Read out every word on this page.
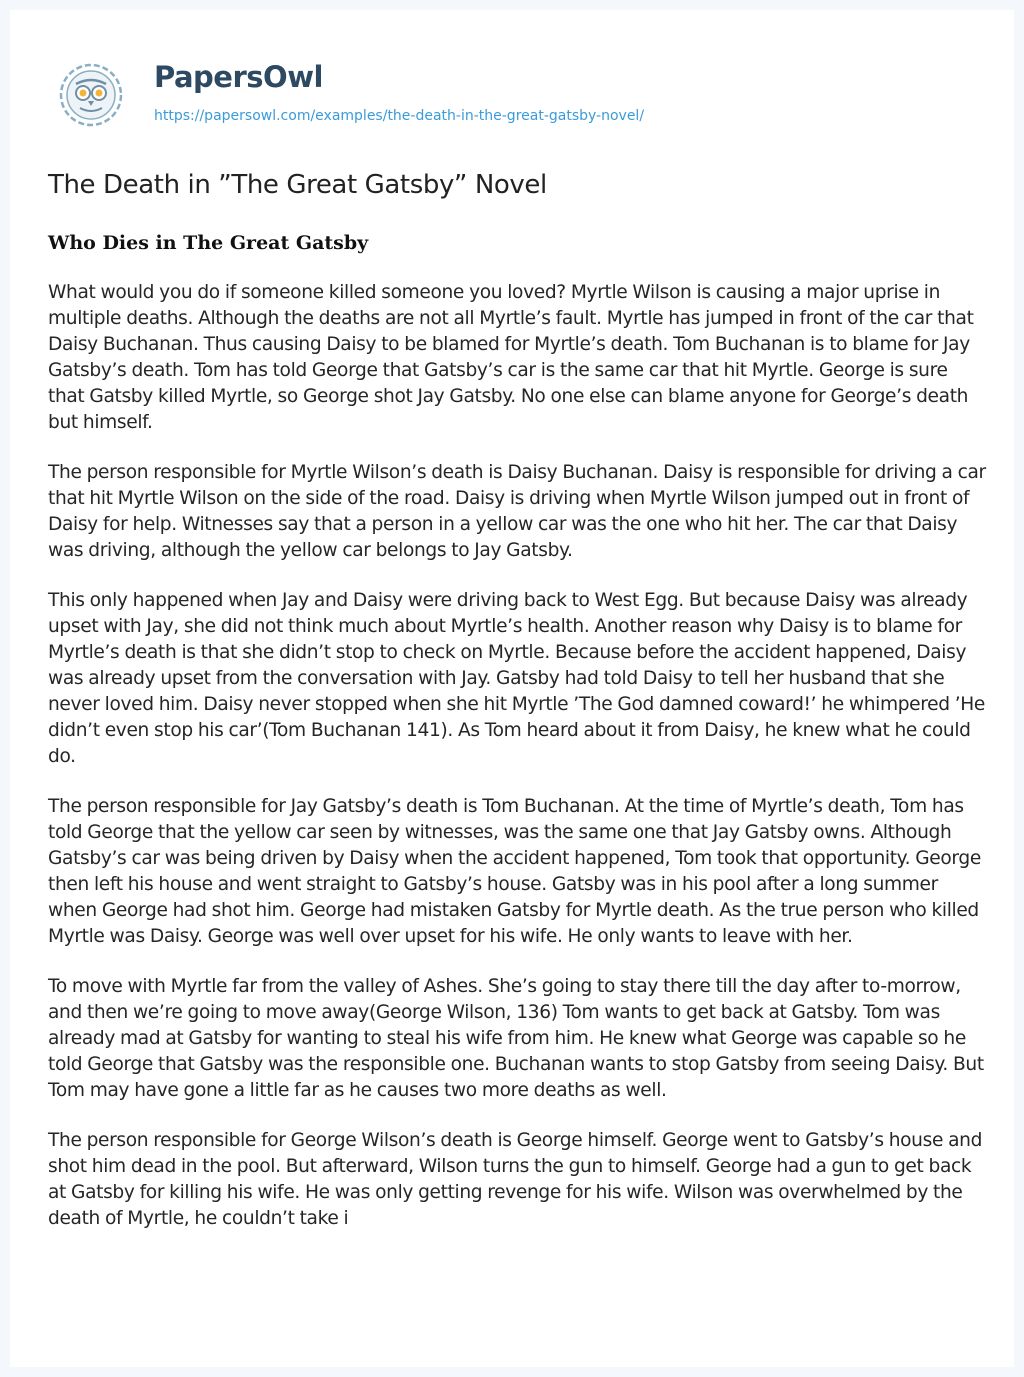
PapersOwl
https://papersowl.com/examples/the-death-in-the-great-gatsby-novel/
The Death in ”The Great Gatsby” Novel
Who Dies in The Great Gatsby

What would you do if someone killed someone you loved? Myrtle Wilson is causing a major uprise in multiple deaths. Although the deaths are not all Myrtle’s fault. Myrtle has jumped in front of the car that Daisy Buchanan. Thus causing Daisy to be blamed for Myrtle’s death. Tom Buchanan is to blame for Jay Gatsby’s death. Tom has told George that Gatsby’s car is the same car that hit Myrtle. George is sure that Gatsby killed Myrtle, so George shot Jay Gatsby. No one else can blame anyone for George’s death but himself.

The person responsible for Myrtle Wilson’s death is Daisy Buchanan. Daisy is responsible for driving a car that hit Myrtle Wilson on the side of the road. Daisy is driving when Myrtle Wilson jumped out in front of Daisy for help. Witnesses say that a person in a yellow car was the one who hit her. The car that Daisy was driving, although the yellow car belongs to Jay Gatsby.

This only happened when Jay and Daisy were driving back to West Egg. But because Daisy was already upset with Jay, she did not think much about Myrtle’s health. Another reason why Daisy is to blame for Myrtle’s death is that she didn’t stop to check on Myrtle. Because before the accident happened, Daisy was already upset from the conversation with Jay. Gatsby had told Daisy to tell her husband that she never loved him. Daisy never stopped when she hit Myrtle ’The God damned coward!’ he whimpered ’He didn’t even stop his car’(Tom Buchanan 141). As Tom heard about it from Daisy, he knew what he could do.

The person responsible for Jay Gatsby’s death is Tom Buchanan. At the time of Myrtle’s death, Tom has told George that the yellow car seen by witnesses, was the same one that Jay Gatsby owns. Although Gatsby’s car was being driven by Daisy when the accident happened, Tom took that opportunity. George then left his house and went straight to Gatsby’s house. Gatsby was in his pool after a long summer when George had shot him. George had mistaken Gatsby for Myrtle death. As the true person who killed Myrtle was Daisy. George was well over upset for his wife. He only wants to leave with her.

To move with Myrtle far from the valley of Ashes. She’s going to stay there till the day after to-morrow, and then we’re going to move away(George Wilson, 136) Tom wants to get back at Gatsby. Tom was already mad at Gatsby for wanting to steal his wife from him. He knew what George was capable so he told George that Gatsby was the responsible one. Buchanan wants to stop Gatsby from seeing Daisy. But Tom may have gone a little far as he causes two more deaths as well.

The person responsible for George Wilson’s death is George himself. George went to Gatsby’s house and shot him dead in the pool. But afterward, Wilson turns the gun to himself. George had a gun to get back at Gatsby for killing his wife. He was only getting revenge for his wife. Wilson was overwhelmed by the death of Myrtle, he couldn’t take i
